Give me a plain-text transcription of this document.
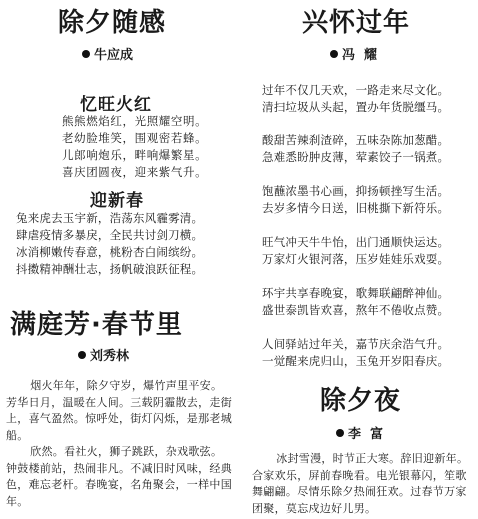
除夕随感
牛应成
忆旺火红
熊熊燃焰红，光照耀空明。
老幼脸堆笑，围观密若蜂。
儿郎响炮乐，畔响爆繁星。
喜庆团圆夜，迎来紫气升。
迎新春
兔来虎去玉宇新，浩荡东风霾雾清。
肆虐疫情多暴戾，全民共讨剑刀横。
冰消柳嫩传春意，桃粉杏白闹缤纷。
抖擞精神酬壮志，扬帆破浪跃征程。
满庭芳·春节里
刘秀林

烟火年年，除夕守岁，爆竹声里平安。芳华日月，温暖在人间。三载阴霾散去，走街上，喜气盈然。惊呼处，街灯闪烁，是那老城船。

欣然。看社火，狮子跳跃，杂戏歌弦。钟鼓楼前站，热闹非凡。不减旧时风味，经典色，难忘老杆。春晚宴，名角聚会，一样中国年。

兴怀过年
冯  耀
过年不仅几天欢，一路走来尽文化。
清扫垃圾从头起，置办年货脱缰马。
酸甜苦辣刹渣碎，五味杂陈加葱醋。
急难悉盼肿皮薄，荤素饺子一锅煮。
饱蘸浓墨书心画，抑扬顿挫写生活。
去岁多情今日送，旧桃撕下新符乐。
旺气冲天牛牛怡，出门通顺快运达。
万家灯火银河落，压岁娃娃乐戏耍。
环宇共享春晚宴，歌舞联翩醉神仙。
盛世泰凯皆欢喜，熬年不倦收点赞。
人间驿站过年关，嘉节庆余浩气升。
一觉醒来虎归山，玉兔开岁阳春庆。
除夕夜
李  富

冰封雪漫，时节正大寒。辞旧迎新年。合家欢乐，屏前春晚看。电光银幕闪，笙歌舞翩翩。尽情乐除夕热闹狂欢。过春节万家团聚，莫忘戍边好儿男。
